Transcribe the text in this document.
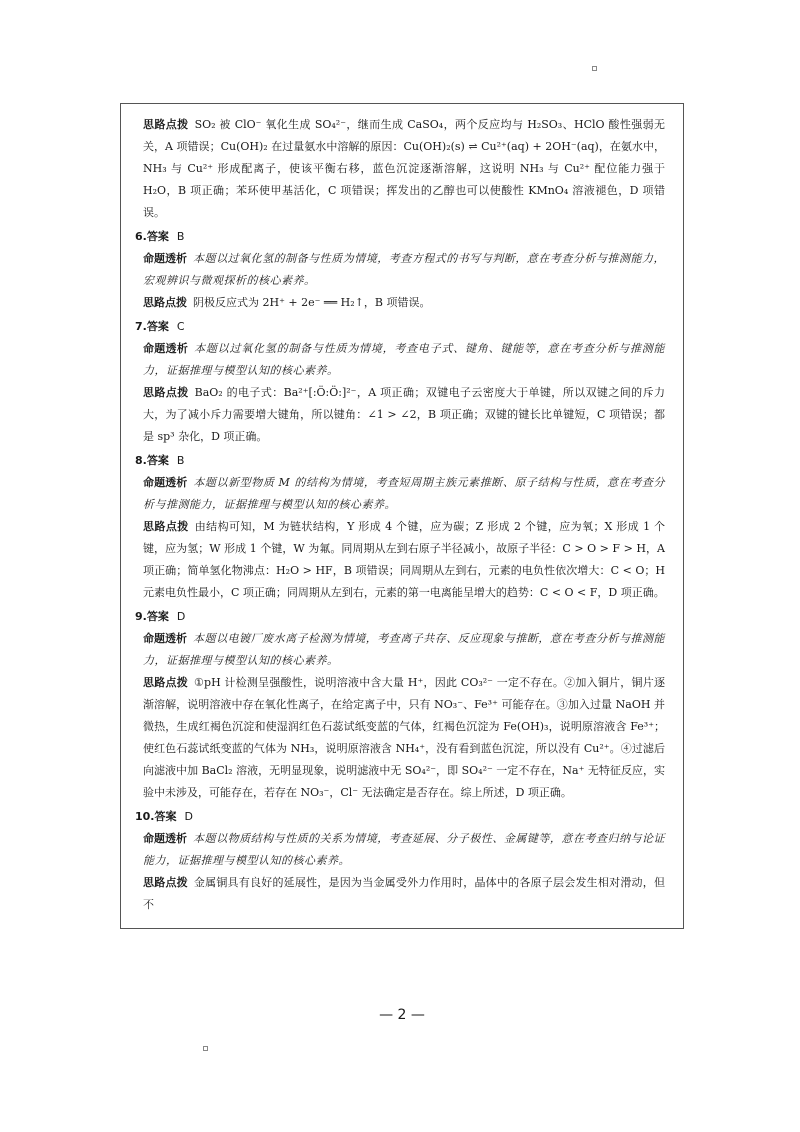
思路点拨 SO₂ 被 ClO⁻ 氧化生成 SO₄²⁻，继而生成 CaSO₄，两个反应均与 H₂SO₃、HClO 酸性强弱无关，A 项错误；Cu(OH)₂ 在过量氨水中溶解的原因：Cu(OH)₂(s) ⇌ Cu²⁺(aq) + 2OH⁻(aq)，在氨水中，NH₃ 与 Cu²⁺ 形成配离子，使该平衡右移，蓝色沉淀逐渐溶解，这说明 NH₃ 与 Cu²⁺ 配位能力强于 H₂O，B 项正确；苯环使甲基活化，C 项错误；挥发出的乙醇也可以使酸性 KMnO₄ 溶液褪色，D 项错误。

6.答案 B

命题透析 本题以过氧化氢的制备与性质为情境，考查方程式的书写与判断，意在考查分析与推测能力，宏观辨识与微观探析的核心素养。

思路点拨 阴极反应式为 2H⁺ + 2e⁻ ══ H₂↑，B 项错误。

7.答案 C

命题透析 本题以过氧化氢的制备与性质为情境，考查电子式、键角、键能等，意在考查分析与推测能力，证据推理与模型认知的核心素养。

思路点拨 BaO₂ 的电子式：Ba²⁺[:Ö:Ö:]²⁻，A 项正确；双键电子云密度大于单键，所以双键之间的斥力大，为了减小斥力需要增大键角，所以键角：∠1 > ∠2，B 项正确；双键的键长比单键短，C 项错误；都是 sp³ 杂化，D 项正确。

8.答案 B

命题透析 本题以新型物质 M 的结构为情境，考查短周期主族元素推断、原子结构与性质，意在考查分析与推测能力，证据推理与模型认知的核心素养。

思路点拨 由结构可知，M 为链状结构，Y 形成 4 个键，应为碳；Z 形成 2 个键，应为氧；X 形成 1 个键，应为氢；W 形成 1 个键，W 为氟。同周期从左到右原子半径减小，故原子半径：C > O > F > H，A 项正确；简单氢化物沸点：H₂O > HF，B 项错误；同周期从左到右，元素的电负性依次增大：C < O；H 元素电负性最小，C 项正确；同周期从左到右，元素的第一电离能呈增大的趋势：C < O < F，D 项正确。

9.答案 D

命题透析 本题以电镀厂废水离子检测为情境，考查离子共存、反应现象与推断，意在考查分析与推测能力，证据推理与模型认知的核心素养。

思路点拨 ①pH 计检测呈强酸性，说明溶液中含大量 H⁺，因此 CO₃²⁻ 一定不存在。②加入铜片，铜片逐渐溶解，说明溶液中存在氧化性离子，在给定离子中，只有 NO₃⁻、Fe³⁺ 可能存在。③加入过量 NaOH 并微热，生成红褐色沉淀和使湿润红色石蕊试纸变蓝的气体，红褐色沉淀为 Fe(OH)₃，说明原溶液含 Fe³⁺；使红色石蕊试纸变蓝的气体为 NH₃，说明原溶液含 NH₄⁺，没有看到蓝色沉淀，所以没有 Cu²⁺。④过滤后向滤液中加 BaCl₂ 溶液，无明显现象，说明滤液中无 SO₄²⁻，即 SO₄²⁻ 一定不存在，Na⁺ 无特征反应，实验中未涉及，可能存在，若存在 NO₃⁻，Cl⁻ 无法确定是否存在。综上所述，D 项正确。

10.答案 D

命题透析 本题以物质结构与性质的关系为情境，考查延展、分子极性、金属键等，意在考查归纳与论证能力，证据推理与模型认知的核心素养。

思路点拨 金属铜具有良好的延展性，是因为当金属受外力作用时，晶体中的各原子层会发生相对滑动，但不

— 2 —
